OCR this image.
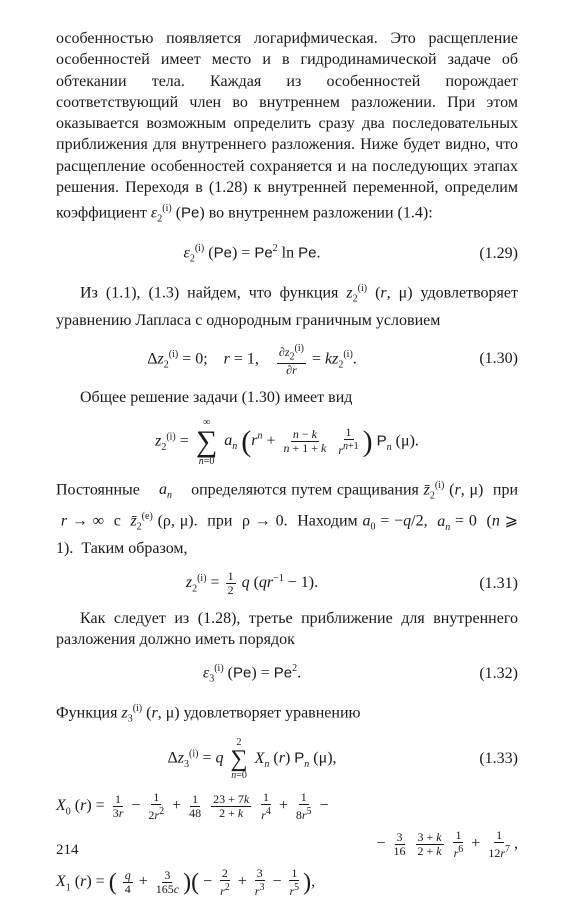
особенностью появляется логарифмическая. Это расщепление особенностей имеет место и в гидродинамической задаче об обтекании тела. Каждая из особенностей порождает соответствующий член во внутреннем разложении. При этом оказывается возможным определить сразу два последовательных приближения для внутреннего разложения. Ниже будет видно, что расщепление особенностей сохраняется и на последующих этапах решения. Переходя в (1.28) к внутренней переменной, определим коэффициент $\varepsilon_2^{(i)}$ (Pe) во внутреннем разложении (1.4):

$\varepsilon_2^{(i)}$ $(Pe) = Pe^2$ ln Pe.	(1.29)

Из (1.1), (1.3) найдем, что функция $z_2^{(i)}$ (r, μ) удовлетворяет уравнению Лапласа с однородным граничным условием

$\Delta z_2^{(i)} = 0$;    r = 1, $\frac{\partial z_2^{(i)}}{\partial r} = kz_2^{(i)}$.	(1.30)

Общее решение задачи (1.30) имеет вид

$z_2^{(i)}$ =
∞
∑
n=0
$a_n$ ($r^n + \frac{n - k}{n + 1 + k}$
$\frac{1}{r^{n+1}}$ ) $P_n$ (μ).

Постоянные $a_n$ определяются путем сращивания $z̄_2^{(i)}$ (r, μ)  при  r → ∞  с $z̄_2^{(e)}$ (ρ, μ).  при  ρ → 0.  Находим $a_0 = -q/2$,  $a_n = 0$  (n ⩾ 1).  Таким образом,

$z_2^{(i)} = \frac{1}{2}$ q $(qr^{-1} - 1)$.	(1.31)

Как следует из (1.28), третье приближение для внутреннего разложения должно иметь порядок

$\varepsilon_3^{(i)}$ $(Pe) = Pe^2$.	(1.32)

Функция $z_3^{(i)}$ (r, μ) удовлетворяет уравнению

$\Delta z_3^{(i)} = q$
2
∑
n=0
$X_n$ (r) $P_n$ (μ),	(1.33)
$X_0$ $(r) = \frac{1}{3r} - \frac{1}{2r^2} + \frac{1}{48}$
$\frac{23 + 7k}{2 + k}$
$\frac{1}{r^4} + \frac{1}{8r^5}$ −
− $\frac{3}{16}$
$\frac{3 + k}{2 + k}$
$\frac{1}{r^6} + \frac{1}{12r^7}$ ,
$X_1$ (r) = ( $\frac{q}{4} + \frac{3}{165c}$ )( − $\frac{2}{r^2} + \frac{3}{r^3} - \frac{1}{r^5}$ ),
214
